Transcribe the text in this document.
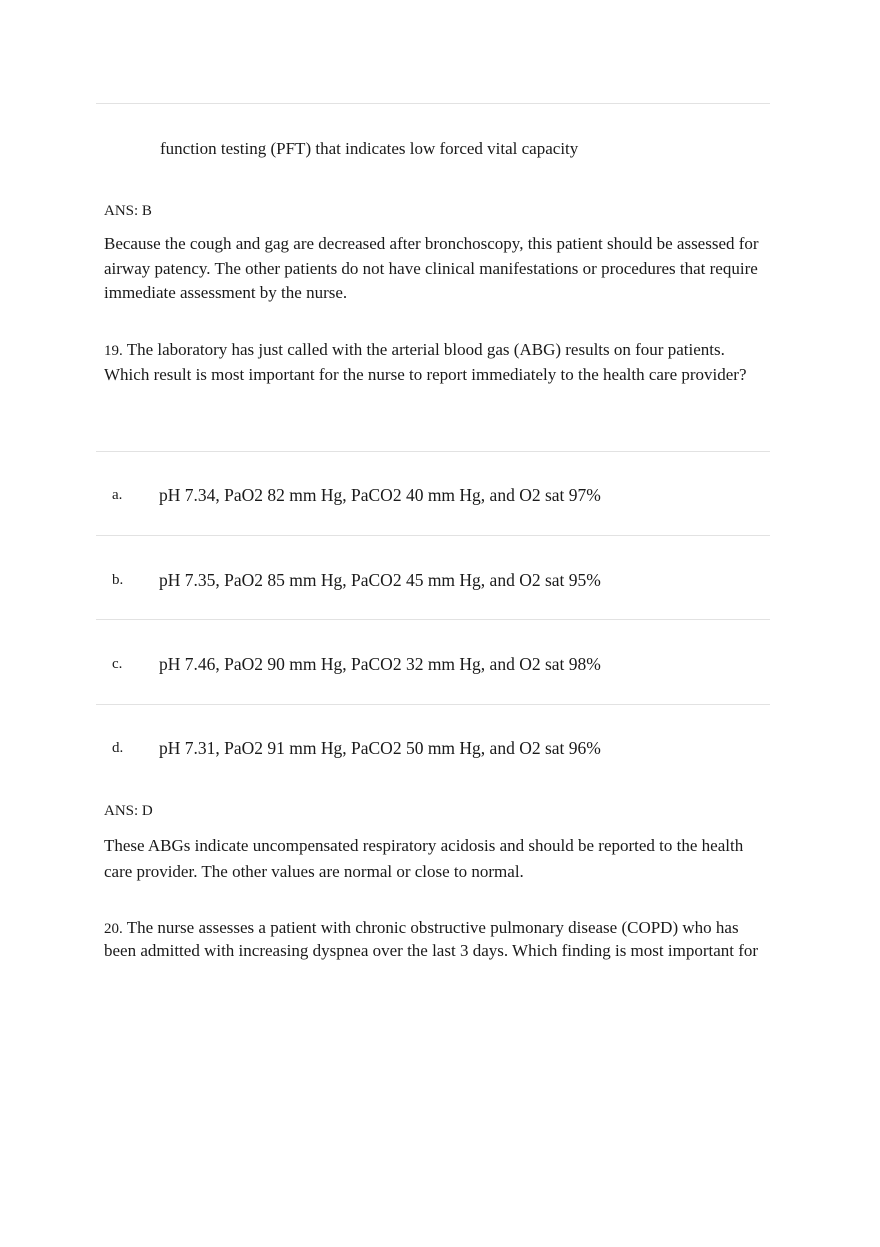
function testing (PFT) that indicates low forced vital capacity
ANS: B
Because the cough and gag are decreased after bronchoscopy, this patient should be assessed for airway patency. The other patients do not have clinical manifestations or procedures that require immediate assessment by the nurse.
19. The laboratory has just called with the arterial blood gas (ABG) results on four patients. Which result is most important for the nurse to report immediately to the health care provider?
a. pH 7.34, PaO2 82 mm Hg, PaCO2 40 mm Hg, and O2 sat 97%
b. pH 7.35, PaO2 85 mm Hg, PaCO2 45 mm Hg, and O2 sat 95%
c. pH 7.46, PaO2 90 mm Hg, PaCO2 32 mm Hg, and O2 sat 98%
d. pH 7.31, PaO2 91 mm Hg, PaCO2 50 mm Hg, and O2 sat 96%
ANS: D
These ABGs indicate uncompensated respiratory acidosis and should be reported to the health care provider. The other values are normal or close to normal.
20. The nurse assesses a patient with chronic obstructive pulmonary disease (COPD) who has been admitted with increasing dyspnea over the last 3 days. Which finding is most important for
